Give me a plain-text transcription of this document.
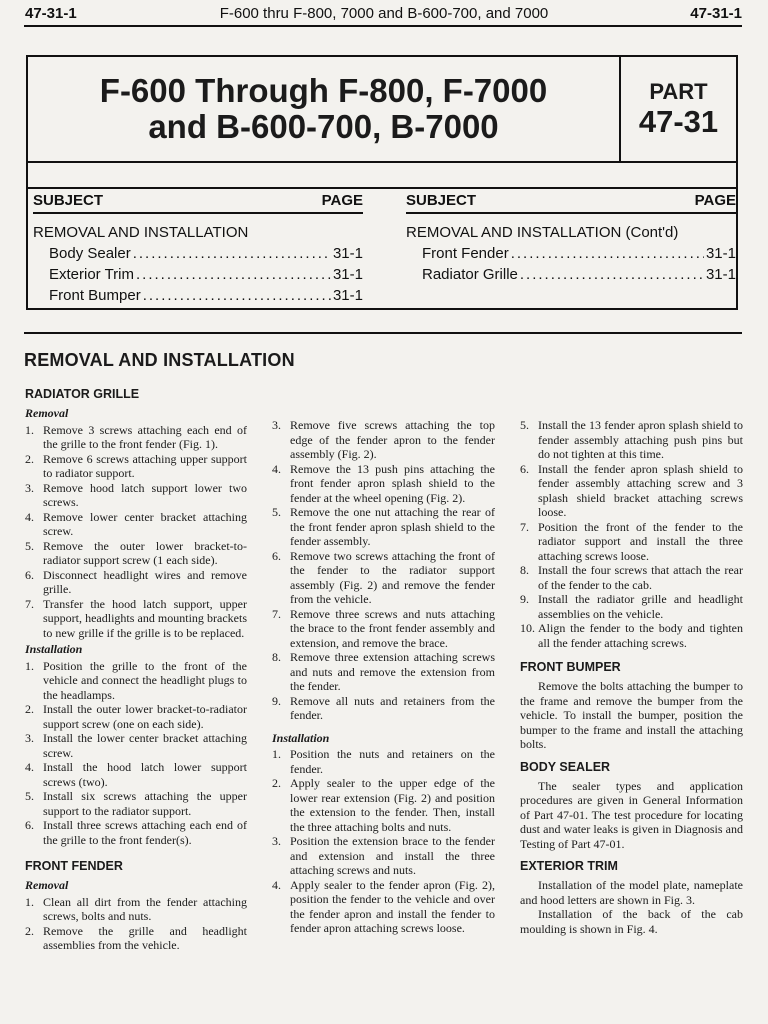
47-31-1	F-600 thru F-800, 7000 and B-600-700, and 7000	47-31-1
F-600 Through F-800, F-7000
and B-600-700, B-7000
PART
47-31
SUBJECT	PAGE
REMOVAL AND INSTALLATION
Body Sealer .....	31-1
Exterior Trim .....	31-1
Front Bumper .....	31-1
SUBJECT	PAGE
REMOVAL AND INSTALLATION (Cont'd)
Front Fender .....	31-1
Radiator Grille .....	31-1
REMOVAL AND INSTALLATION
RADIATOR GRILLE
Removal
1. Remove 3 screws attaching each end of the grille to the front fender (Fig. 1).
2. Remove 6 screws attaching upper support to radiator support.
3. Remove hood latch support lower two screws.
4. Remove lower center bracket attaching screw.
5. Remove the outer lower bracket-to-radiator support screw (1 each side).
6. Disconnect headlight wires and remove grille.
7. Transfer the hood latch support, upper support, headlights and mounting brackets to new grille if the grille is to be replaced.
Installation
1. Position the grille to the front of the vehicle and connect the headlight plugs to the headlamps.
2. Install the outer lower bracket-to-radiator support screw (one on each side).
3. Install the lower center bracket attaching screw.
4. Install the hood latch lower support screws (two).
5. Install six screws attaching the upper support to the radiator support.
6. Install three screws attaching each end of the grille to the front fender(s).
FRONT FENDER
Removal
1. Clean all dirt from the fender attaching screws, bolts and nuts.
2. Remove the grille and headlight assemblies from the vehicle.
3. Remove five screws attaching the top edge of the fender apron to the fender assembly (Fig. 2).
4. Remove the 13 push pins attaching the front fender apron splash shield to the fender at the wheel opening (Fig. 2).
5. Remove the one nut attaching the rear of the front fender apron splash shield to the fender assembly.
6. Remove two screws attaching the front of the fender to the radiator support assembly (Fig. 2) and remove the fender from the vehicle.
7. Remove three screws and nuts attaching the brace to the front fender assembly and extension, and remove the brace.
8. Remove three extension attaching screws and nuts and remove the extension from the fender.
9. Remove all nuts and retainers from the fender.
Installation
1. Position the nuts and retainers on the fender.
2. Apply sealer to the upper edge of the lower rear extension (Fig. 2) and position the extension to the fender. Then, install the three attaching bolts and nuts.
3. Position the extension brace to the fender and extension and install the three attaching screws and nuts.
4. Apply sealer to the fender apron (Fig. 2), position the fender to the vehicle and over the fender apron and install the fender to fender apron attaching screws loose.
5. Install the 13 fender apron splash shield to fender assembly attaching push pins but do not tighten at this time.
6. Install the fender apron splash shield to fender assembly attaching screw and 3 splash shield bracket attaching screws loose.
7. Position the front of the fender to the radiator support and install the three attaching screws loose.
8. Install the four screws that attach the rear of the fender to the cab.
9. Install the radiator grille and headlight assemblies on the vehicle.
10. Align the fender to the body and tighten all the fender attaching screws.
FRONT BUMPER

Remove the bolts attaching the bumper to the frame and remove the bumper from the vehicle. To install the bumper, position the bumper to the frame and install the attaching bolts.

BODY SEALER

The sealer types and application procedures are given in General Information of Part 47-01. The test procedure for locating dust and water leaks is given in Diagnosis and Testing of Part 47-01.

EXTERIOR TRIM

Installation of the model plate, nameplate and hood letters are shown in Fig. 3.

Installation of the back of the cab moulding is shown in Fig. 4.
